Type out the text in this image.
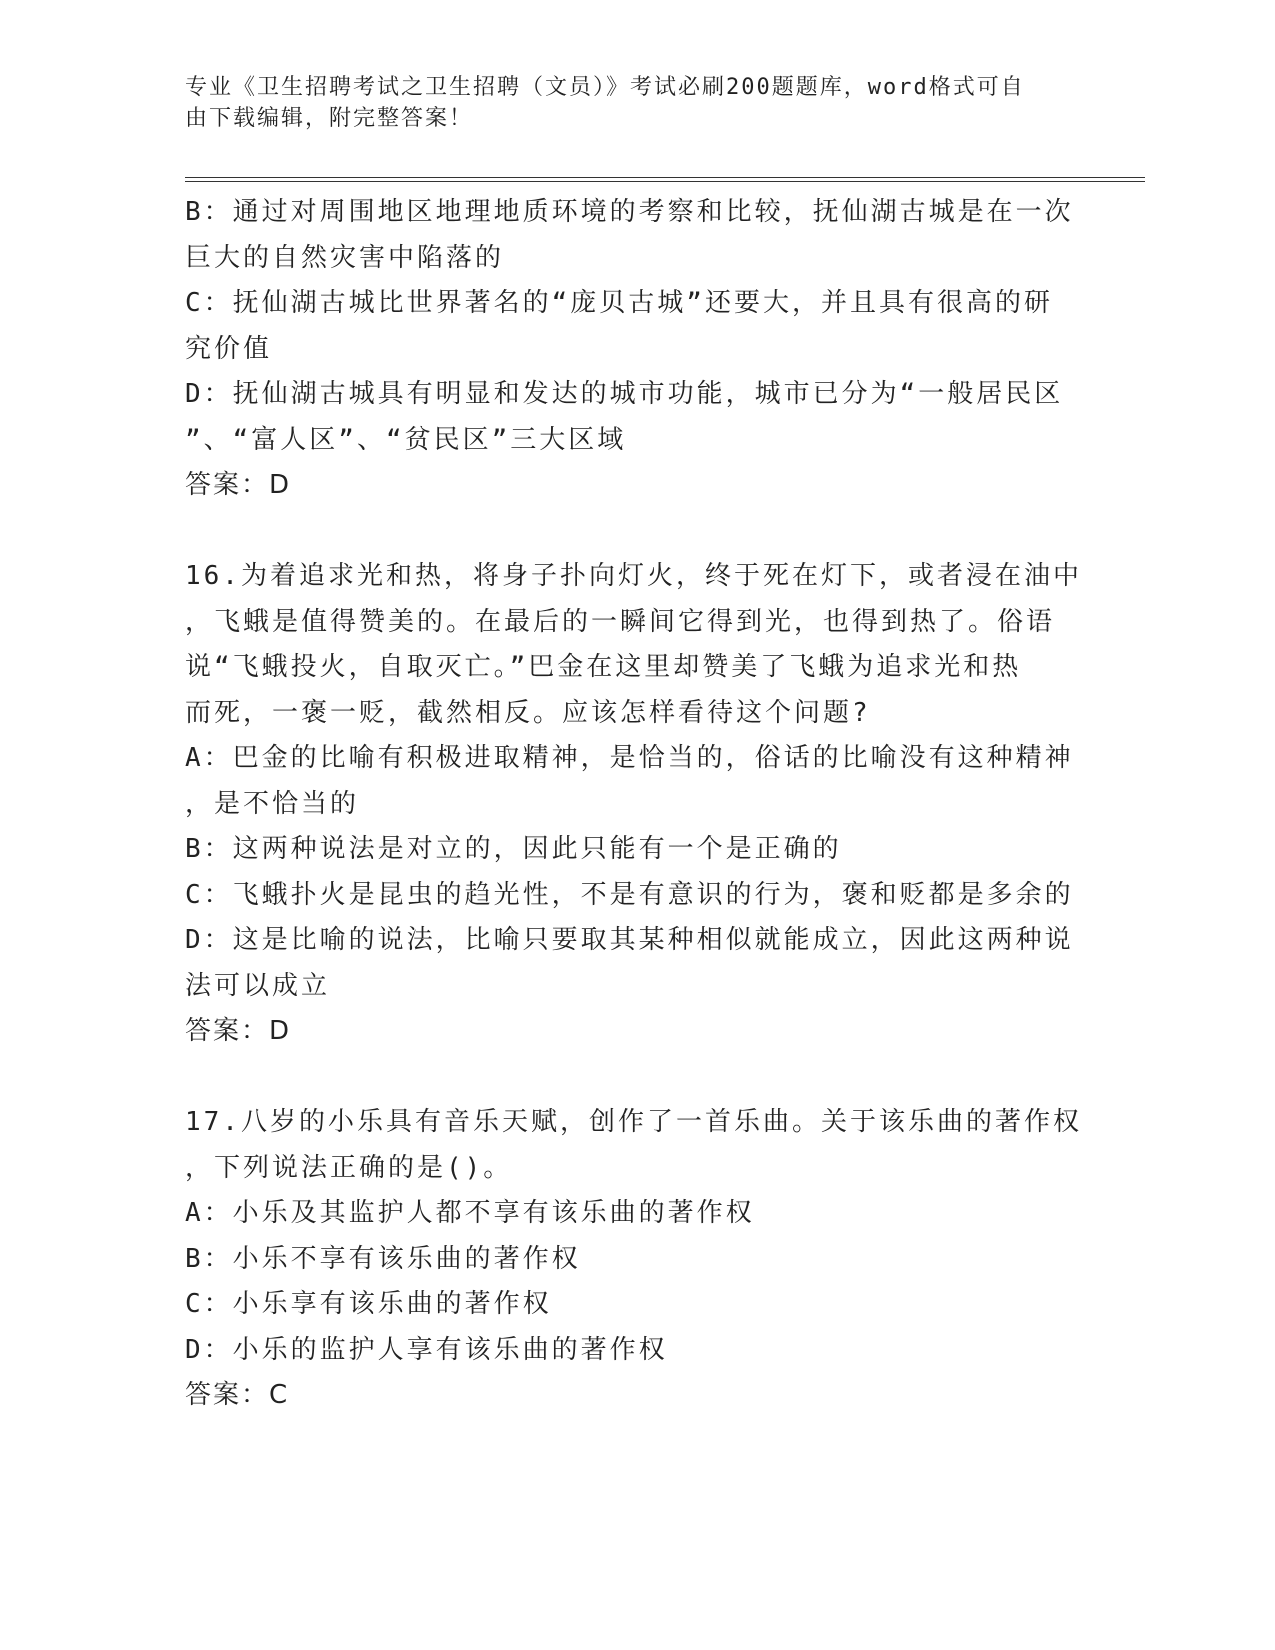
专业《卫生招聘考试之卫生招聘（文员）》考试必刷200题题库，word格式可自
由下载编辑，附完整答案！
B：通过对周围地区地理地质环境的考察和比较，抚仙湖古城是在一次
巨大的自然灾害中陷落的
C：抚仙湖古城比世界著名的“庞贝古城”还要大，并且具有很高的研
究价值
D：抚仙湖古城具有明显和发达的城市功能，城市已分为“一般居民区
”、“富人区”、“贫民区”三大区域
答案：D
16.为着追求光和热，将身子扑向灯火，终于死在灯下，或者浸在油中
，飞蛾是值得赞美的。在最后的一瞬间它得到光，也得到热了。俗语
说“飞蛾投火，自取灭亡。”巴金在这里却赞美了飞蛾为追求光和热
而死，一褒一贬，截然相反。应该怎样看待这个问题?
A：巴金的比喻有积极进取精神，是恰当的，俗话的比喻没有这种精神
，是不恰当的
B：这两种说法是对立的，因此只能有一个是正确的
C：飞蛾扑火是昆虫的趋光性，不是有意识的行为，褒和贬都是多余的
D：这是比喻的说法，比喻只要取其某种相似就能成立，因此这两种说
法可以成立
答案：D
17.八岁的小乐具有音乐天赋，创作了一首乐曲。关于该乐曲的著作权
，下列说法正确的是()。
A：小乐及其监护人都不享有该乐曲的著作权
B：小乐不享有该乐曲的著作权
C：小乐享有该乐曲的著作权
D：小乐的监护人享有该乐曲的著作权
答案：C
